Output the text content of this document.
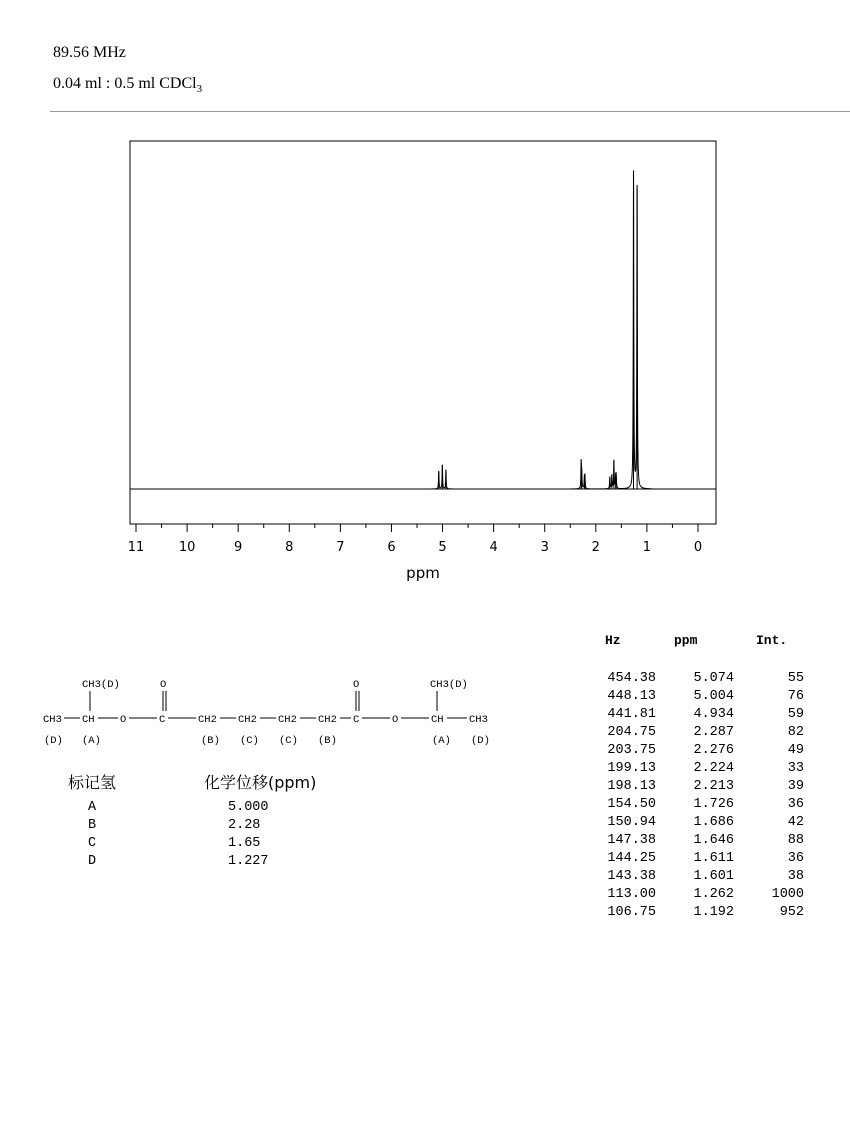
89.56 MHz
0.04 ml : 0.5 ml CDCl$_3$
11	10	9	8	7	6	5	4	3	2	1	0
ppm
Hz	ppm	Int.
454.38	5.074	55
448.13	5.004	76
441.81	4.934	59
204.75	2.287	82
203.75	2.276	49
199.13	2.224	33
198.13	2.213	39
154.50	1.726	36
150.94	1.686	42
147.38	1.646	88
144.25	1.611	36
143.38	1.601	38
113.00	1.262	1000
106.75	1.192	952
CH3(D)	O	O	CH3(D)
CH3 CH O	C	CH2 CH2 CH2 CH2 C	O	CH CH3
(D) (A)	(B) (C) (C) (B)	(A) (D)
标记氢	化学位移(ppm)
A	5.000
B	2.28
C	1.65
D	1.227
